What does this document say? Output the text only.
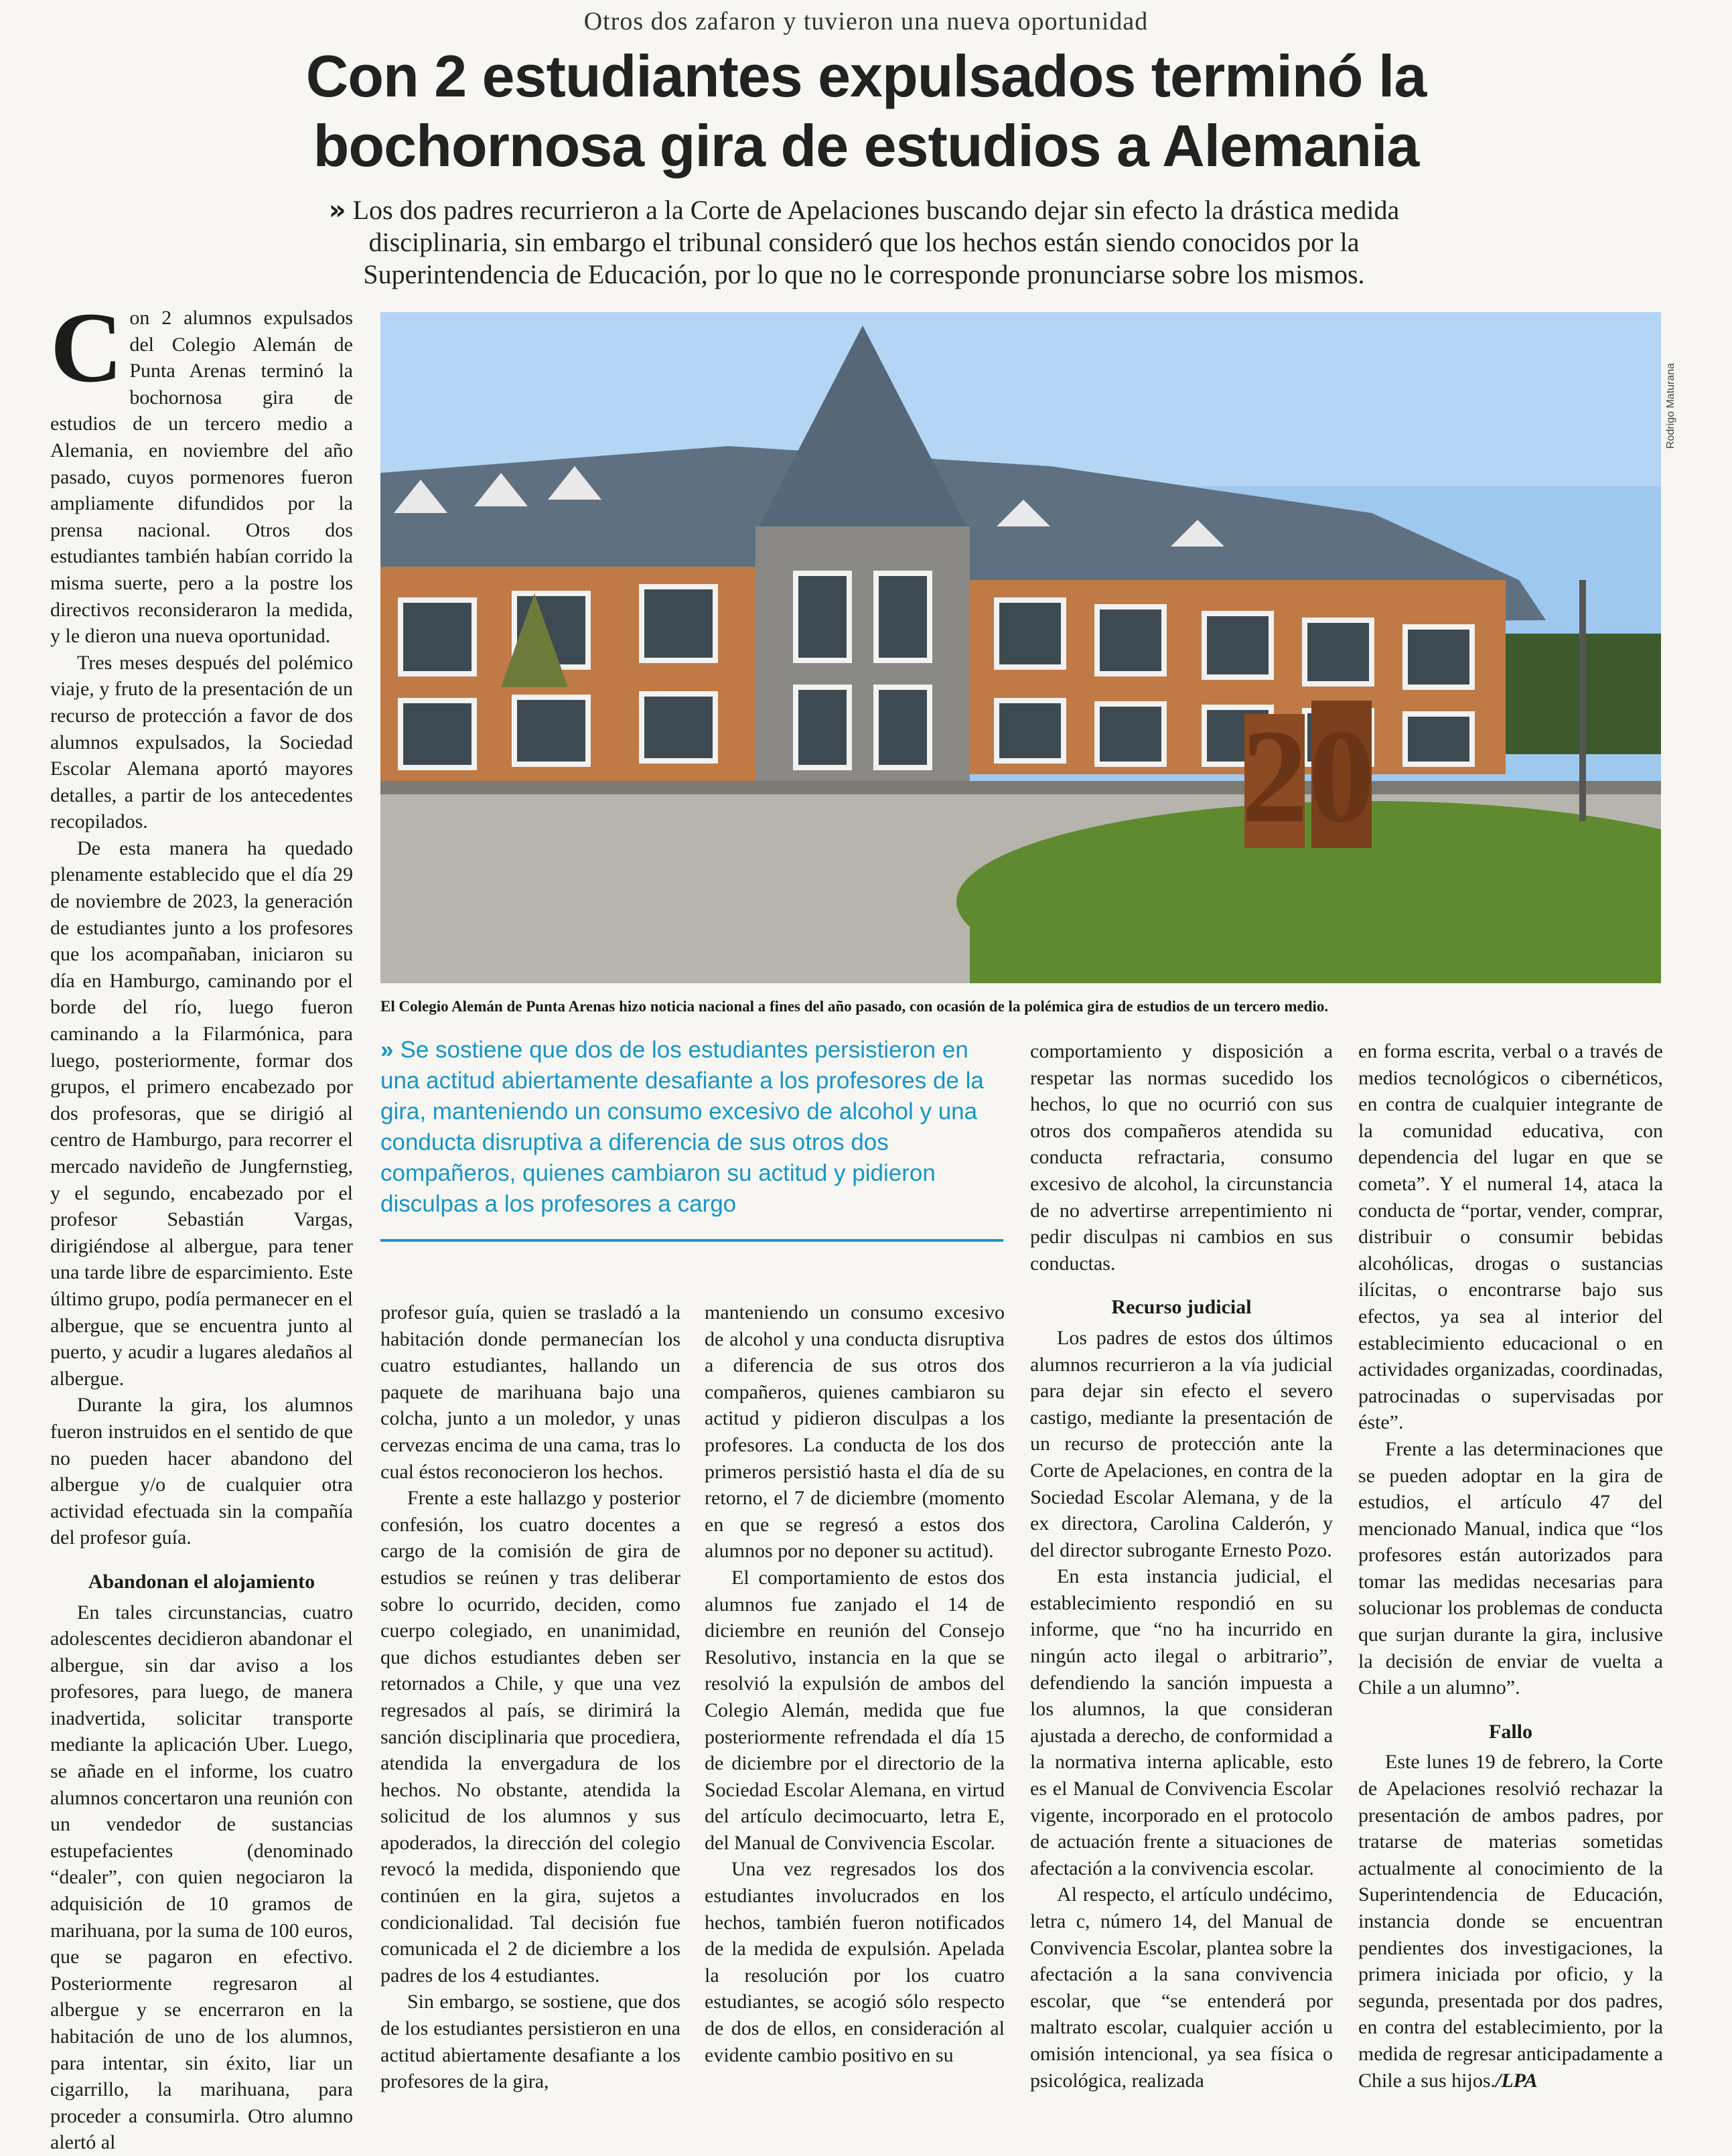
Otros dos zafaron y tuvieron una nueva oportunidad
Con 2 estudiantes expulsados terminó la
bochornosa gira de estudios a Alemania
» Los dos padres recurrieron a la Corte de Apelaciones buscando dejar sin efecto la drástica medida disciplinaria, sin embargo el tribunal consideró que los hechos están siendo conocidos por la Superintendencia de Educación, por lo que no le corresponde pronunciarse sobre los mismos.

Con 2 alumnos expulsados del Colegio Alemán de Punta Arenas terminó la bochornosa gira de estudios de un tercero medio a Alemania, en noviembre del año pasado, cuyos pormenores fueron ampliamente difundidos por la prensa nacional. Otros dos estudiantes también habían corrido la misma suerte, pero a la postre los directivos reconsideraron la medida, y le dieron una nueva oportunidad.

Tres meses después del polémico viaje, y fruto de la presentación de un recurso de protección a favor de dos alumnos expulsados, la Sociedad Escolar Alemana aportó mayores detalles, a partir de los antecedentes recopilados.

De esta manera ha quedado plenamente establecido que el día 29 de noviembre de 2023, la generación de estudiantes junto a los profesores que los acompañaban, iniciaron su día en Hamburgo, caminando por el borde del río, luego fueron caminando a la Filarmónica, para luego, posteriormente, formar dos grupos, el primero encabezado por dos profesoras, que se dirigió al centro de Hamburgo, para recorrer el mercado navideño de Jungfernstieg, y el segundo, encabezado por el profesor Sebastián Vargas, dirigiéndose al albergue, para tener una tarde libre de esparcimiento. Este último grupo, podía permanecer en el albergue, que se encuentra junto al puerto, y acudir a lugares aledaños al albergue.

Durante la gira, los alumnos fueron instruidos en el sentido de que no pueden hacer abandono del albergue y/o de cualquier otra actividad efectuada sin la compañía del profesor guía.

Abandonan el alojamiento

En tales circunstancias, cuatro adolescentes decidieron abandonar el albergue, sin dar aviso a los profesores, para luego, de manera inadvertida, solicitar transporte mediante la aplicación Uber. Luego, se añade en el informe, los cuatro alumnos concertaron una reunión con un vendedor de sustancias estupefacientes (denominado “dealer”, con quien negociaron la adquisición de 10 gramos de marihuana, por la suma de 100 euros, que se pagaron en efectivo. Posteriormente regresaron al albergue y se encerraron en la habitación de uno de los alumnos, para intentar, sin éxito, liar un cigarrillo, la marihuana, para proceder a consumirla. Otro alumno alertó al

20
Rodrigo Maturana
El Colegio Alemán de Punta Arenas hizo noticia nacional a fines del año pasado, con ocasión de la polémica gira de estudios de un tercero medio.
» Se sostiene que dos de los estudiantes persistieron en una actitud abiertamente desafiante a los profesores de la gira, manteniendo un consumo excesivo de alcohol y una conducta disruptiva a diferencia de sus otros dos compañeros, quienes cambiaron su actitud y pidieron disculpas a los profesores a cargo

profesor guía, quien se trasladó a la habitación donde permanecían los cuatro estudiantes, hallando un paquete de marihuana bajo una colcha, junto a un moledor, y unas cervezas encima de una cama, tras lo cual éstos reconocieron los hechos.

Frente a este hallazgo y posterior confesión, los cuatro docentes a cargo de la comisión de gira de estudios se reúnen y tras deliberar sobre lo ocurrido, deciden, como cuerpo colegiado, en unanimidad, que dichos estudiantes deben ser retornados a Chile, y que una vez regresados al país, se dirimirá la sanción disciplinaria que procediera, atendida la envergadura de los hechos. No obstante, atendida la solicitud de los alumnos y sus apoderados, la dirección del colegio revocó la medida, disponiendo que continúen en la gira, sujetos a condicionalidad. Tal decisión fue comunicada el 2 de diciembre a los padres de los 4 estudiantes.

Sin embargo, se sostiene, que dos de los estudiantes persistieron en una actitud abiertamente desafiante a los profesores de la gira,

manteniendo un consumo excesivo de alcohol y una conducta disruptiva a diferencia de sus otros dos compañeros, quienes cambiaron su actitud y pidieron disculpas a los profesores. La conducta de los dos primeros persistió hasta el día de su retorno, el 7 de diciembre (momento en que se regresó a estos dos alumnos por no deponer su actitud).

El comportamiento de estos dos alumnos fue zanjado el 14 de diciembre en reunión del Consejo Resolutivo, instancia en la que se resolvió la expulsión de ambos del Colegio Alemán, medida que fue posteriormente refrendada el día 15 de diciembre por el directorio de la Sociedad Escolar Alemana, en virtud del artículo decimocuarto, letra E, del Manual de Convivencia Escolar.

Una vez regresados los dos estudiantes involucrados en los hechos, también fueron notificados de la medida de expulsión. Apelada la resolución por los cuatro estudiantes, se acogió sólo respecto de dos de ellos, en consideración al evidente cambio positivo en su

comportamiento y disposición a respetar las normas sucedido los hechos, lo que no ocurrió con sus otros dos compañeros atendida su conducta refractaria, consumo excesivo de alcohol, la circunstancia de no advertirse arrepentimiento ni pedir disculpas ni cambios en sus conductas.

Recurso judicial

Los padres de estos dos últimos alumnos recurrieron a la vía judicial para dejar sin efecto el severo castigo, mediante la presentación de un recurso de protección ante la Corte de Apelaciones, en contra de la Sociedad Escolar Alemana, y de la ex directora, Carolina Calderón, y del director subrogante Ernesto Pozo.

En esta instancia judicial, el establecimiento respondió en su informe, que “no ha incurrido en ningún acto ilegal o arbitrario”, defendiendo la sanción impuesta a los alumnos, la que consideran ajustada a derecho, de conformidad a la normativa interna aplicable, esto es el Manual de Convivencia Escolar vigente, incorporado en el protocolo de actuación frente a situaciones de afectación a la convivencia escolar.

Al respecto, el artículo undécimo, letra c, número 14, del Manual de Convivencia Escolar, plantea sobre la afectación a la sana convivencia escolar, que “se entenderá por maltrato escolar, cualquier acción u omisión intencional, ya sea física o psicológica, realizada

en forma escrita, verbal o a través de medios tecnológicos o cibernéticos, en contra de cualquier integrante de la comunidad educativa, con dependencia del lugar en que se cometa”. Y el numeral 14, ataca la conducta de “portar, vender, comprar, distribuir o consumir bebidas alcohólicas, drogas o sustancias ilícitas, o encontrarse bajo sus efectos, ya sea al interior del establecimiento educacional o en actividades organizadas, coordinadas, patrocinadas o supervisadas por éste”.

Frente a las determinaciones que se pueden adoptar en la gira de estudios, el artículo 47 del mencionado Manual, indica que “los profesores están autorizados para tomar las medidas necesarias para solucionar los problemas de conducta que surjan durante la gira, inclusive la decisión de enviar de vuelta a Chile a un alumno”.

Fallo

Este lunes 19 de febrero, la Corte de Apelaciones resolvió rechazar la presentación de ambos padres, por tratarse de materias sometidas actualmente al conocimiento de la Superintendencia de Educación, instancia donde se encuentran pendientes dos investigaciones, la primera iniciada por oficio, y la segunda, presentada por dos padres, en contra del establecimiento, por la medida de regresar anticipadamente a Chile a sus hijos./LPA
